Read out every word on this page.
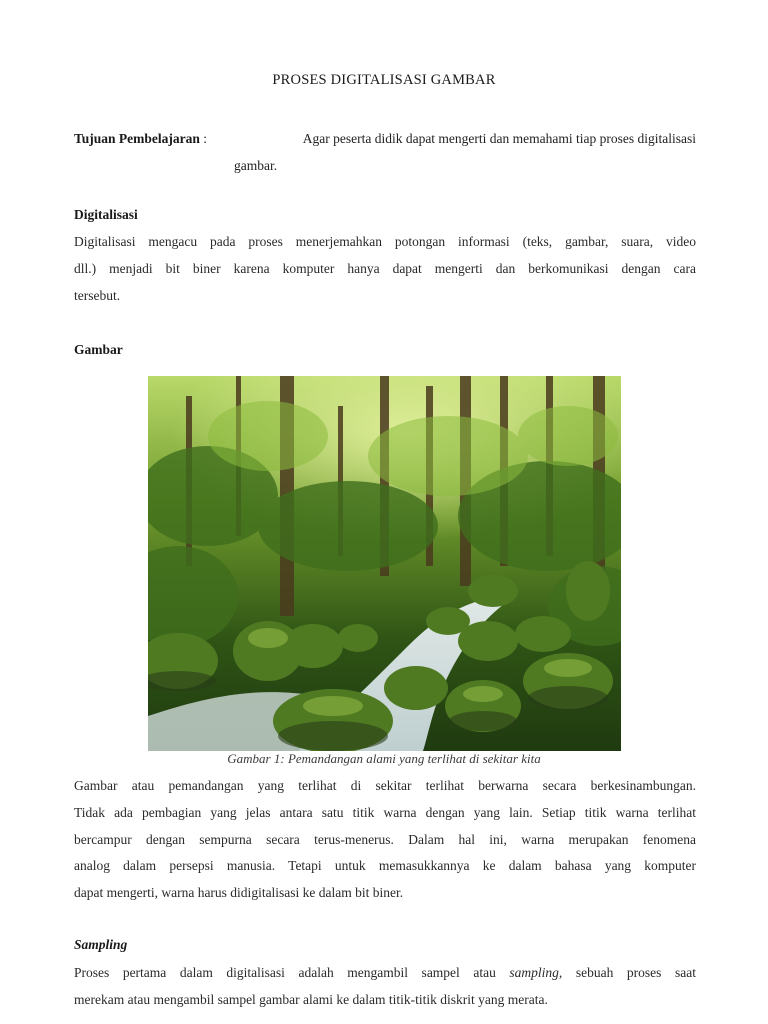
PROSES DIGITALISASI GAMBAR
Tujuan Pembelajaran :	Agar peserta didik dapat mengerti dan memahami tiap proses digitalisasi
gambar.
Digitalisasi
Digitalisasi mengacu pada proses menerjemahkan potongan informasi (teks, gambar, suara, video
dll.) menjadi bit biner karena komputer hanya dapat mengerti dan berkomunikasi dengan cara
tersebut.
Gambar
Gambar 1: Pemandangan alami yang terlihat di sekitar kita
Gambar atau pemandangan yang terlihat di sekitar terlihat berwarna secara berkesinambungan.
Tidak ada pembagian yang jelas antara satu titik warna dengan yang lain. Setiap titik warna terlihat
bercampur dengan sempurna secara terus-menerus. Dalam hal ini, warna merupakan fenomena
analog dalam persepsi manusia. Tetapi untuk memasukkannya ke dalam bahasa yang komputer
dapat mengerti, warna harus didigitalisasi ke dalam bit biner.
Sampling
Proses pertama dalam digitalisasi adalah mengambil sampel atau sampling, sebuah proses saat
merekam atau mengambil sampel gambar alami ke dalam titik-titik diskrit yang merata.
